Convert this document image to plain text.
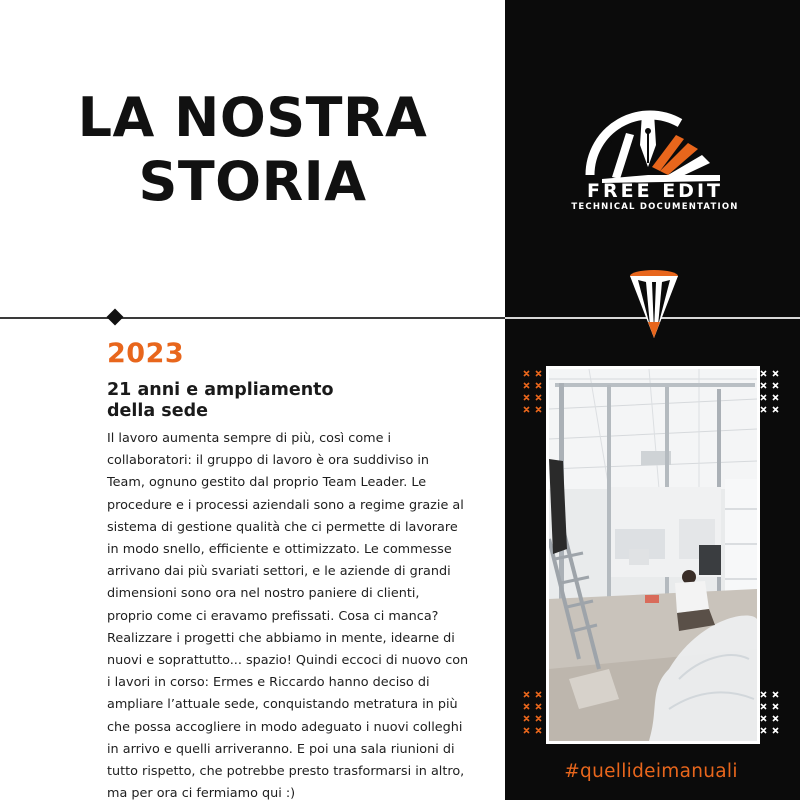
LA NOSTRA
STORIA

2023

21 anni e ampliamento
della sede
Il lavoro aumenta sempre di più, così come i
collaboratori: il gruppo di lavoro è ora suddiviso in
Team, ognuno gestito dal proprio Team Leader. Le
procedure e i processi aziendali sono a regime grazie al
sistema di gestione qualità che ci permette di lavorare
in modo snello, efficiente e ottimizzato. Le commesse
arrivano dai più svariati settori, e le aziende di grandi
dimensioni sono ora nel nostro paniere di clienti,
proprio come ci eravamo prefissati. Cosa ci manca?
Realizzare i progetti che abbiamo in mente, idearne di
nuovi e soprattutto... spazio! Quindi eccoci di nuovo con
i lavori in corso: Ermes e Riccardo hanno deciso di
ampliare l’attuale sede, conquistando metratura in più
che possa accogliere in modo adeguato i nuovi colleghi
in arrivo e quelli arriveranno. E poi una sala riunioni di
tutto rispetto, che potrebbe presto trasformarsi in altro,
ma per ora ci fermiamo qui :)

FREE EDIT

TECHNICAL DOCUMENTATION

#quellideimanuali
